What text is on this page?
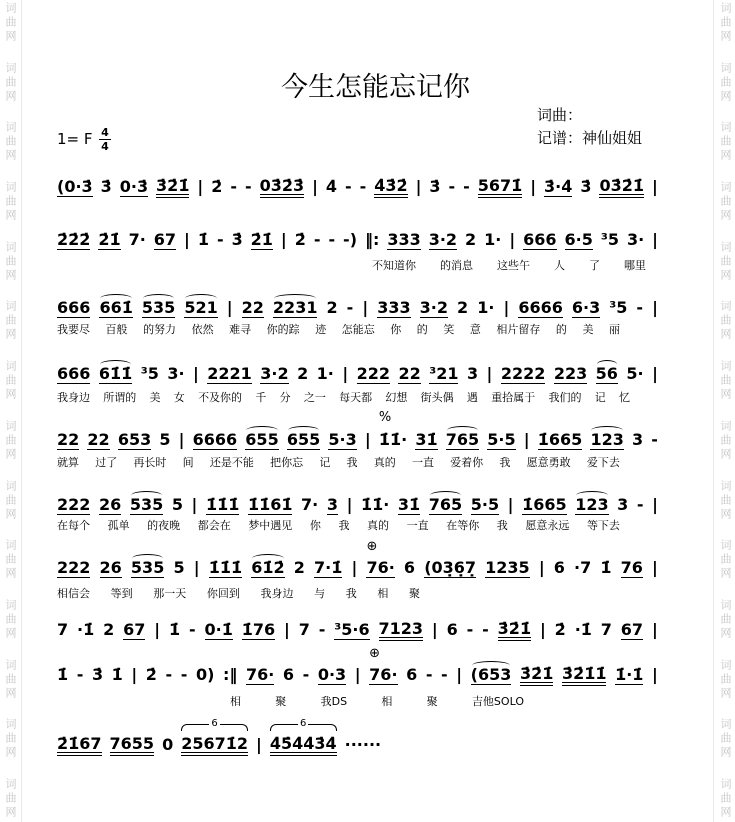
词曲网
词曲网
词曲网
词曲网
词曲网
词曲网
词曲网
词曲网
词曲网
词曲网
词曲网
词曲网
词曲网
词曲网
词曲网
词曲网
词曲网
词曲网
词曲网
词曲网
词曲网
词曲网
词曲网
词曲网
词曲网
词曲网
词曲网
词曲网
今生怎能忘记你
词曲：
记谱：神仙姐姐
1= F 4
4
(0·3̇ 3̇ 0·3̇ 3̇2̇1̇ | 2̇ - - 03̇2̇3̇ | 4̇ - - 4̇3̇2̇ | 3̇ - - 5671̇ | 3̇·4̇ 3̇ 03̇2̇1̇ |
2̇2̇2̇ 2̇1̇ 7· 67 | 1̇ - 3̇ 2̇1̇ | 2̇ - - -) ‖: 333 3·2 2 1· | 666 6·5 ³5 3· |
不知道你 的消息 这些午 人 了 哪里
666 661̇ 535 521 | 22 2231 2 - | 333 3·2 2 1· | 6666 6·3 ³5 - |
我要尽 百般 的努力 依然 难寻 你的踪 迹 怎能忘 你 的 笑 意 相片留存 的 美 丽
666 61̇1̇ ³5 3· | 2221 3·2 2 1· | 222 22 ³21 3 | 2222 223 56 5· |
我身边 所谓的 美 女 不及你的 千 分 之一 每天都 幻想 街头偶 遇 重拾属于 我们的 记 忆
22 22 653 5 | 6666 655 655 5·3 | 1̇1̇·
%
31̇ 765 5·5 | 1̇665 123 3 -
就算 过了 再长时 间 还是不能 把你忘 记 我 真的 一直 爱着你 我 愿意勇敢 爱下去
222 26 535 5 | 1̇1̇1̇ 1̇1̇61̇ 7· 3 | 1̇1̇· 31̇ 765 5·5 | 1̇665 123 3 - |
在每个 孤单 的夜晚 都会在 梦中遇见 你 我 真的 一直 在等你 我 愿意永远 等下去
222 26 535 5 | 1̇1̇1̇ 61̇2̇ 2 7·1̇ | 76·
⊕
6 (03̣6̣7̣ 1235 | 6 ·7 1̇ 76 |
相信会 等到 那一天 你回到 我身边 与 我 相 聚
7 ·1̇ 2 67 | 1̇ - 0·1̇ 1̇76 | 7 - ³5·6 7123 | 6 - - 3̇2̇1̇ | 2̇ ·1̇ 7 67 |
1̇ - 3̇ 1̇ | 2̇ - - 0) :‖ 76· 6 - 0·3 | 76·
⊕
6 - - | (653 3̇2̇1̇ 3̇2̇1̇1̇ 1̇·1̇ |
相	聚	我DS	相	聚	吉他SOLO
2̇1̇67 7655 0 25671̇2
6
| 4̇5̇4̇4̇3̇4̇
6
······
